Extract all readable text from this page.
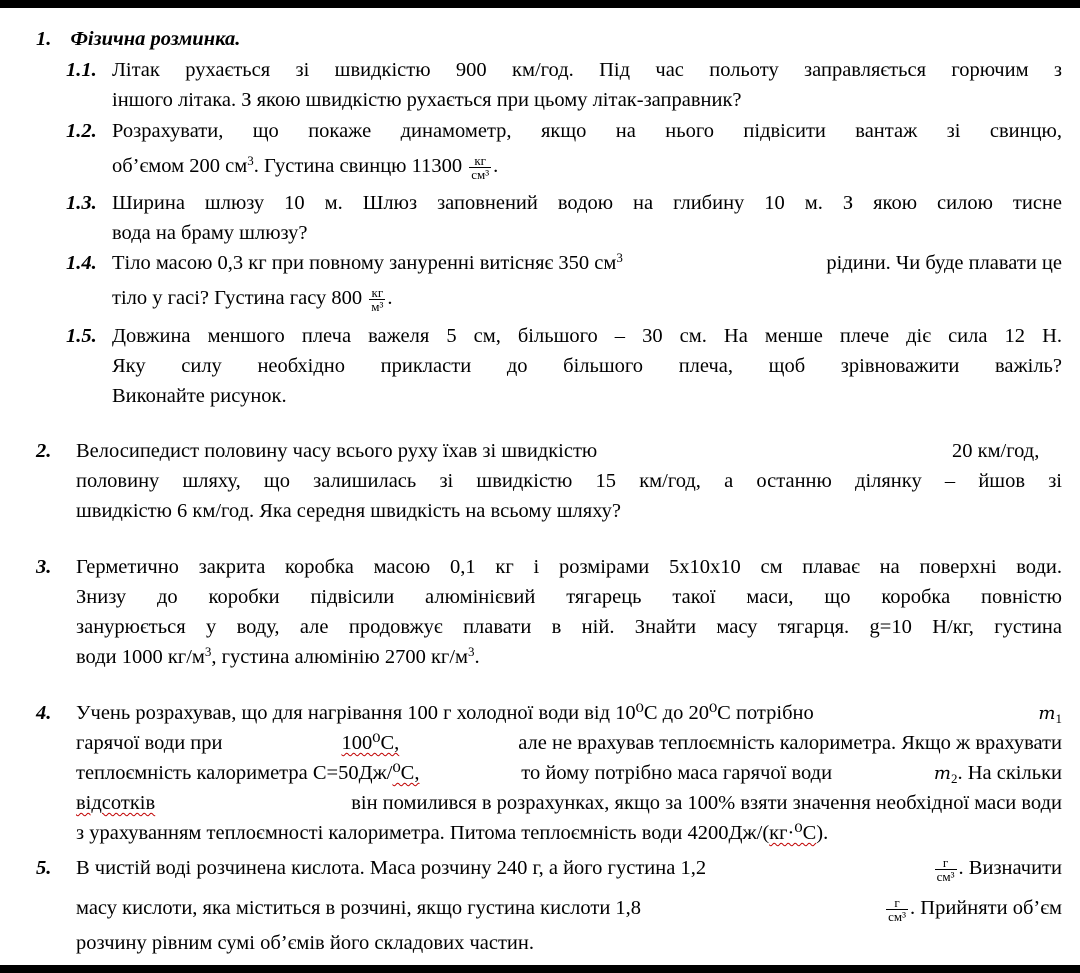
1. Фізична розминка.
1.1. Літак рухається зі швидкістю 900 км/год. Під час польоту заправляється горючим з
іншого літака. З якою швидкістю рухається при цьому літак-заправник?
1.2. Розрахувати, що покаже динамометр, якщо на нього підвісити вантаж зі свинцю,
об’ємом 200 $см^3$. Густина свинцю $11300 \frac{кг}{\text{см³}}$ .
1.3. Ширина шлюзу 10 м. Шлюз заповнений водою на глибину 10 м. З якою силою тисне
вода на браму шлюзу?
1.4. Тіло масою 0,3 кг при повному зануренні витісняє 350 $см^3$	рідини. Чи буде плавати це
тіло у гасі? Густина гасу $800 \frac{кг}{\text{м³}}$ .
1.5. Довжина меншого плеча важеля 5 см, більшого – 30 см. На менше плече діє сила 12 Н.
Яку силу необхідно прикласти до більшого плеча, щоб зрівноважити важіль?
Виконайте рисунок.
2. Велосипедист половину часу всього руху їхав зі швидкістю	20 км/год,
половину шляху, що залишилась зі швидкістю 15 км/год, а останню ділянку – йшов зі
швидкістю 6 км/год. Яка середня швидкість на всьому шляху?
3. Герметично закрита коробка масою 0,1 кг і розмірами 5х10х10 см плаває на поверхні води.
Знизу до коробки підвісили алюмінієвий тягарець такої маси, що коробка повністю
занурюється у воду, але продовжує плавати в ній. Знайти масу тягарця. g=10 Н/кг, густина
води 1000 $кг/м^3$, густина алюмінію 2700 $кг/м^3$.
4. Учень розрахував, що для нагрівання 100 г холодної води від 10⁰С до 20⁰С потрібно	$m_1$
гарячої води при	100⁰С,	але не врахував теплоємність калориметра. Якщо ж врахувати
теплоємність калориметра С=50Дж/⁰С,	то йому потрібно маса гарячої води	$m_2$. На скільки
відсотків	він помилився в розрахунках, якщо за 100% взяти значення необхідної маси води
з урахуванням теплоємності калориметра. Питома теплоємність води 4200Дж/(кг·⁰С).
5. В чистій воді розчинена кислота. Маса розчину 240 г, а його густина 1,2	$\frac{г}{\text{см³}}$ . Визначити
масу кислоти, яка міститься в розчині, якщо густина кислоти 1,8	$\frac{г}{\text{см³}}$ . Прийняти об’єм
розчину рівним сумі об’ємів його складових частин.
